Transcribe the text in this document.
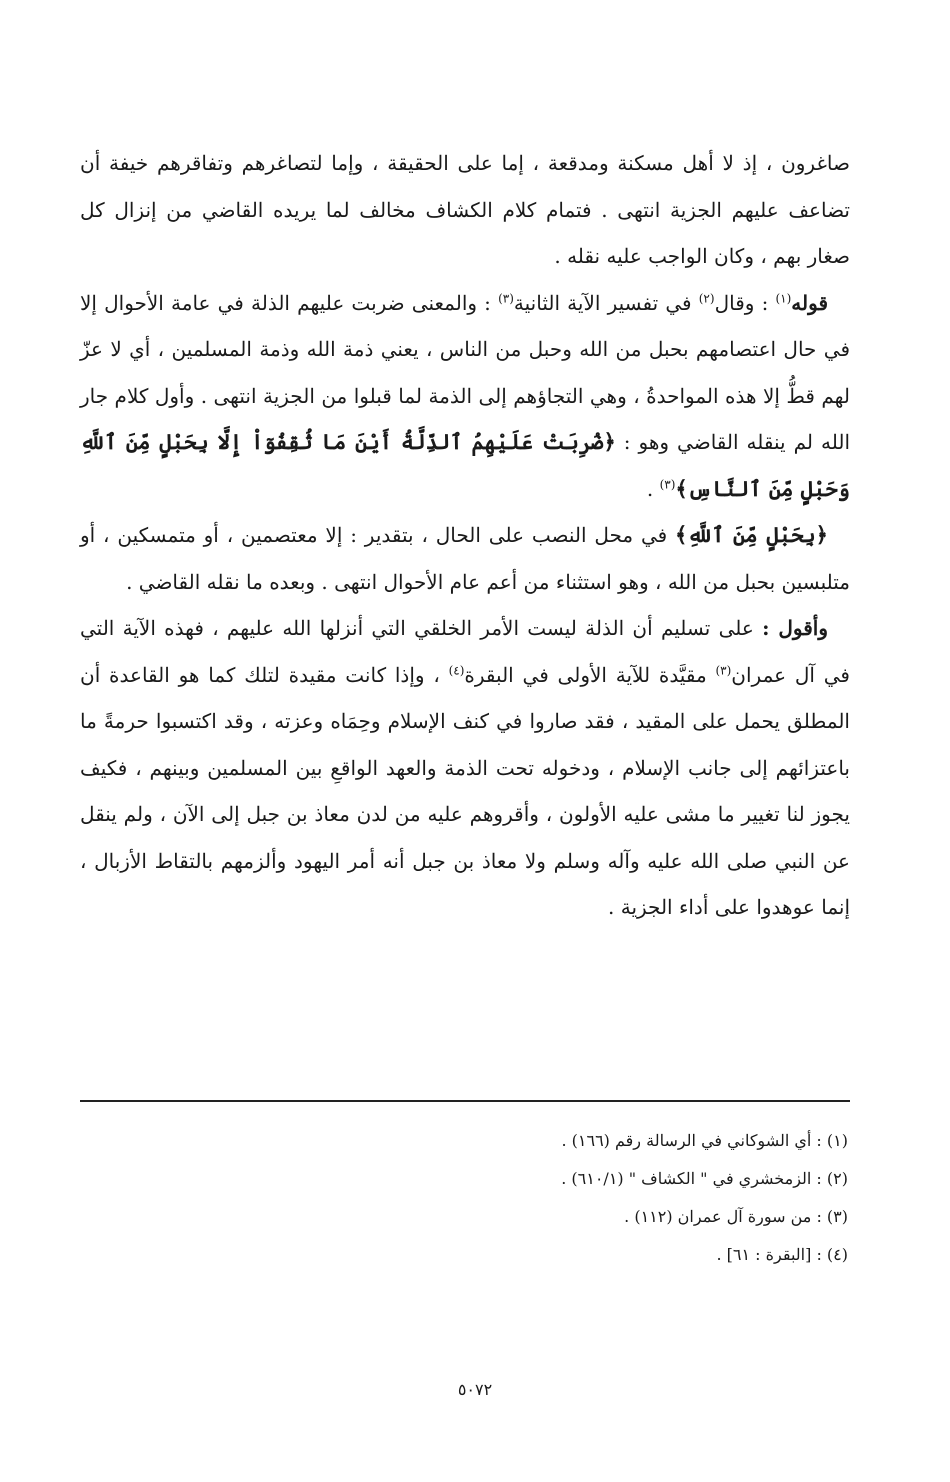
صاغرون ، إذ لا أهل مسكنة ومدقعة ، إما على الحقيقة ، وإما لتصاغرهم وتفاقرهم خيفة أن تضاعف عليهم الجزية انتهى . فتمام كلام الكشاف مخالف لما يريده القاضي من إنزال كل صغار بهم ، وكان الواجب عليه نقله .

قوله$^{(١)}$ : وقال$^{(٢)}$ في تفسير الآية الثانية$^{(٣)}$ : والمعنى ضربت عليهم الذلة في عامة الأحوال إلا في حال اعتصامهم بحبل من الله وحبل من الناس ، يعني ذمة الله وذمة المسلمين ، أي لا عزّ لهم قطُّ إلا هذه المواحدةُ ، وهي التجاؤهم إلى الذمة لما قبلوا من الجزية انتهى . وأول كلام جار الله لم ينقله القاضي وهو : ﴿ضُرِبَتْ عَلَيْهِمُ ٱلذِّلَّةُ أَيْنَ مَا ثُقِفُوٓاْ إِلَّا بِحَبْلٍ مِّنَ ٱللَّهِ وَحَبْلٍ مِّنَ ٱلنَّاسِ﴾$^{(٣)}$ .

﴿بِحَبْلٍ مِّنَ ٱللَّهِ﴾ في محل النصب على الحال ، بتقدير : إلا معتصمين ، أو متمسكين ، أو متلبسين بحبل من الله ، وهو استثناء من أعم عام الأحوال انتهى . وبعده ما نقله القاضي .

وأقول : على تسليم أن الذلة ليست الأمر الخلقي التي أنزلها الله عليهم ، فهذه الآية التي في آل عمران$^{(٣)}$ مقيَّدة للآية الأولى في البقرة$^{(٤)}$ ، وإذا كانت مقيدة لتلك كما هو القاعدة أن المطلق يحمل على المقيد ، فقد صاروا في كنف الإسلام وحِمَاه وعزته ، وقد اكتسبوا حرمةً ما باعتزائهم إلى جانب الإسلام ، ودخوله تحت الذمة والعهد الواقعِ بين المسلمين وبينهم ، فكيف يجوز لنا تغيير ما مشى عليه الأولون ، وأقروهم عليه من لدن معاذ بن جبل إلى الآن ، ولم ينقل عن النبي صلى الله عليه وآله وسلم ولا معاذ بن جبل أنه أمر اليهود وألزمهم بالتقاط الأزبال ، إنما عوهدوا على أداء الجزية .

(١) : أي الشوكاني في الرسالة رقم (١٦٦) .
(٢) : الزمخشري في " الكشاف " (٦١٠/١) .
(٣) : من سورة آل عمران (١١٢) .
(٤) : [البقرة : ٦١] .
٥٠٧٢
